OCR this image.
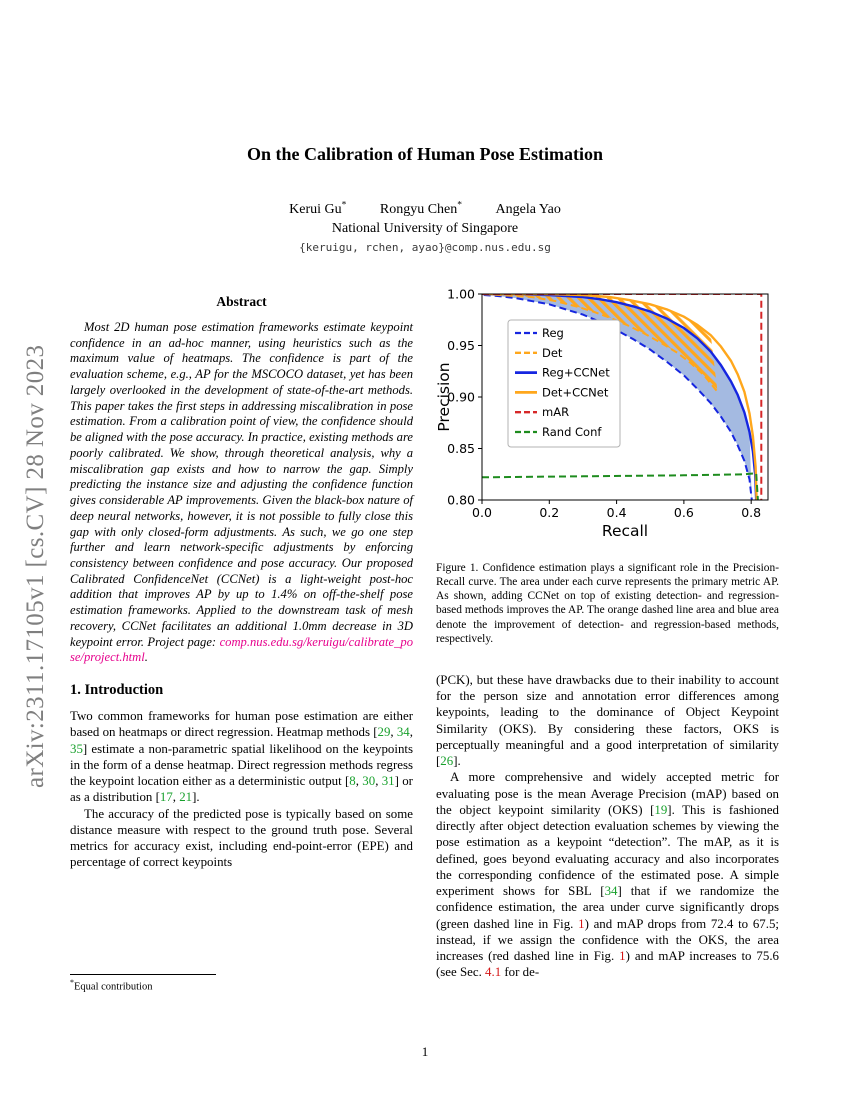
arXiv:2311.17105v1 [cs.CV] 28 Nov 2023
On the Calibration of Human Pose Estimation
Kerui Gu* Rongyu Chen* Angela Yao
National University of Singapore
{keruigu, rchen, ayao}@comp.nus.edu.sg
Abstract

Most 2D human pose estimation frameworks estimate keypoint confidence in an ad-hoc manner, using heuristics such as the maximum value of heatmaps. The confidence is part of the evaluation scheme, e.g., AP for the MSCOCO dataset, yet has been largely overlooked in the development of state-of-the-art methods. This paper takes the first steps in addressing miscalibration in pose estimation. From a calibration point of view, the confidence should be aligned with the pose accuracy. In practice, existing methods are poorly calibrated. We show, through theoretical analysis, why a miscalibration gap exists and how to narrow the gap. Simply predicting the instance size and adjusting the confidence function gives considerable AP improvements. Given the black-box nature of deep neural networks, however, it is not possible to fully close this gap with only closed-form adjustments. As such, we go one step further and learn network-specific adjustments by enforcing consistency between confidence and pose accuracy. Our proposed Calibrated ConfidenceNet (CCNet) is a light-weight post-hoc addition that improves AP by up to 1.4% on off-the-shelf pose estimation frameworks. Applied to the downstream task of mesh recovery, CCNet facilitates an additional 1.0mm decrease in 3D keypoint error. Project page: comp.nus.edu.sg/keruigu/calibrate_pose/project.html.

1. Introduction

Two common frameworks for human pose estimation are either based on heatmaps or direct regression. Heatmap methods [29, 34, 35] estimate a non-parametric spatial likelihood on the keypoints in the form of a dense heatmap. Direct regression methods regress the keypoint location either as a deterministic output [8, 30, 31] or as a distribution [17, 21].

The accuracy of the predicted pose is typically based on some distance measure with respect to the ground truth pose. Several metrics for accuracy exist, including end-point-error (EPE) and percentage of correct keypoints

0.0	0.2	0.4	0.6	0.8
0.80
0.85
0.90
0.95
1.00
Recall
Precision
Reg
Det
Reg+CCNet
Det+CCNet
mAR
Rand Conf
Figure 1. Confidence estimation plays a significant role in the Precision-Recall curve. The area under each curve represents the primary metric AP. As shown, adding CCNet on top of existing detection- and regression-based methods improves the AP. The orange dashed line area and blue area denote the improvement of detection- and regression-based methods, respectively.

(PCK), but these have drawbacks due to their inability to account for the person size and annotation error differences among keypoints, leading to the dominance of Object Keypoint Similarity (OKS). By considering these factors, OKS is perceptually meaningful and a good interpretation of similarity [26].

A more comprehensive and widely accepted metric for evaluating pose is the mean Average Precision (mAP) based on the object keypoint similarity (OKS) [19]. This is fashioned directly after object detection evaluation schemes by viewing the pose estimation as a keypoint “detection”. The mAP, as it is defined, goes beyond evaluating accuracy and also incorporates the corresponding confidence of the estimated pose. A simple experiment shows for SBL [34] that if we randomize the confidence estimation, the area under curve significantly drops (green dashed line in Fig. 1) and mAP drops from 72.4 to 67.5; instead, if we assign the confidence with the OKS, the area increases (red dashed line in Fig. 1) and mAP increases to 75.6 (see Sec. 4.1 for de-

*Equal contribution
1
